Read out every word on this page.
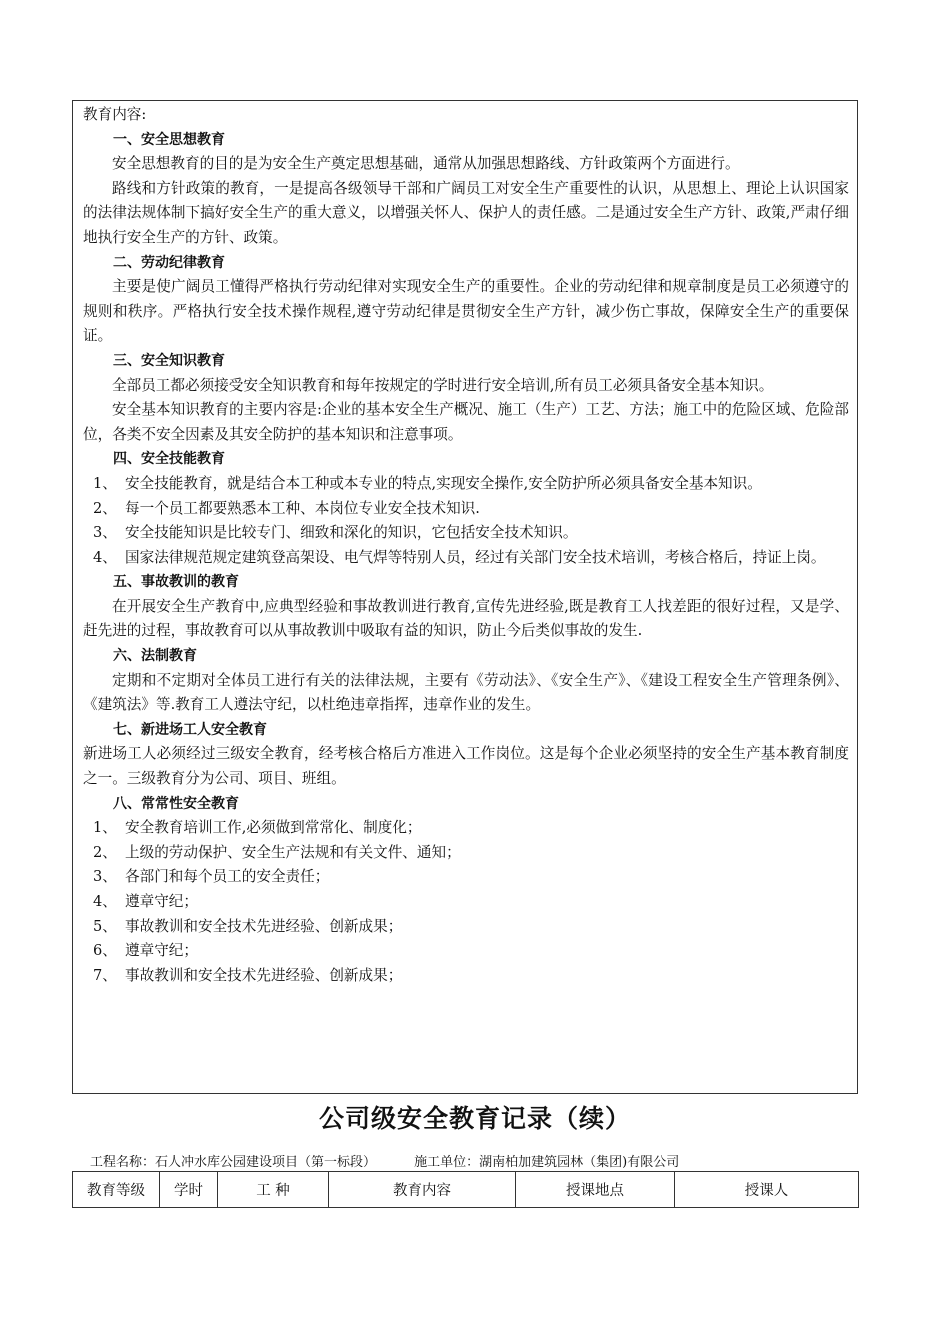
教育内容:

一、安全思想教育

安全思想教育的目的是为安全生产奠定思想基础，通常从加强思想路线、方针政策两个方面进行。

路线和方针政策的教育，一是提高各级领导干部和广阔员工对安全生产重要性的认识，从思想上、理论上认识国家的法律法规体制下搞好安全生产的重大意义，以增强关怀人、保护人的责任感。二是通过安全生产方针、政策,严肃仔细地执行安全生产的方针、政策。

二、劳动纪律教育

主要是使广阔员工懂得严格执行劳动纪律对实现安全生产的重要性。企业的劳动纪律和规章制度是员工必须遵守的规则和秩序。严格执行安全技术操作规程,遵守劳动纪律是贯彻安全生产方针，减少伤亡事故，保障安全生产的重要保证。

三、安全知识教育

全部员工都必须接受安全知识教育和每年按规定的学时进行安全培训,所有员工必须具备安全基本知识。

安全基本知识教育的主要内容是:企业的基本安全生产概况、施工（生产）工艺、方法；施工中的危险区域、危险部位，各类不安全因素及其安全防护的基本知识和注意事项。

四、安全技能教育

1、 安全技能教育，就是结合本工种或本专业的特点,实现安全操作,安全防护所必须具备安全基本知识。
2、 每一个员工都要熟悉本工种、本岗位专业安全技术知识.
3、 安全技能知识是比较专门、细致和深化的知识，它包括安全技术知识。
4、 国家法律规范规定建筑登高架设、电气焊等特别人员，经过有关部门安全技术培训，考核合格后，持证上岗。

五、事故教训的教育

在开展安全生产教育中,应典型经验和事故教训进行教育,宣传先进经验,既是教育工人找差距的很好过程，又是学、赶先进的过程，事故教育可以从事故教训中吸取有益的知识，防止今后类似事故的发生.

六、法制教育

定期和不定期对全体员工进行有关的法律法规，主要有《劳动法》、《安全生产》、《建设工程安全生产管理条例》、《建筑法》等.教育工人遵法守纪，以杜绝违章指挥，违章作业的发生。

七、新进场工人安全教育

新进场工人必须经过三级安全教育，经考核合格后方准进入工作岗位。这是每个企业必须坚持的安全生产基本教育制度之一。三级教育分为公司、项目、班组。

八、常常性安全教育

1、 安全教育培训工作,必须做到常常化、制度化；
2、 上级的劳动保护、安全生产法规和有关文件、通知；
3、 各部门和每个员工的安全责任；
4、 遵章守纪；
5、 事故教训和安全技术先进经验、创新成果；
6、 遵章守纪；
7、 事故教训和安全技术先进经验、创新成果；
公司级安全教育记录（续）
工程名称：石人冲水库公园建设项目（第一标段）	施工单位：湖南柏加建筑园林（集团)有限公司
教育等级	学时	工 种	教育内容	授课地点	授课人
